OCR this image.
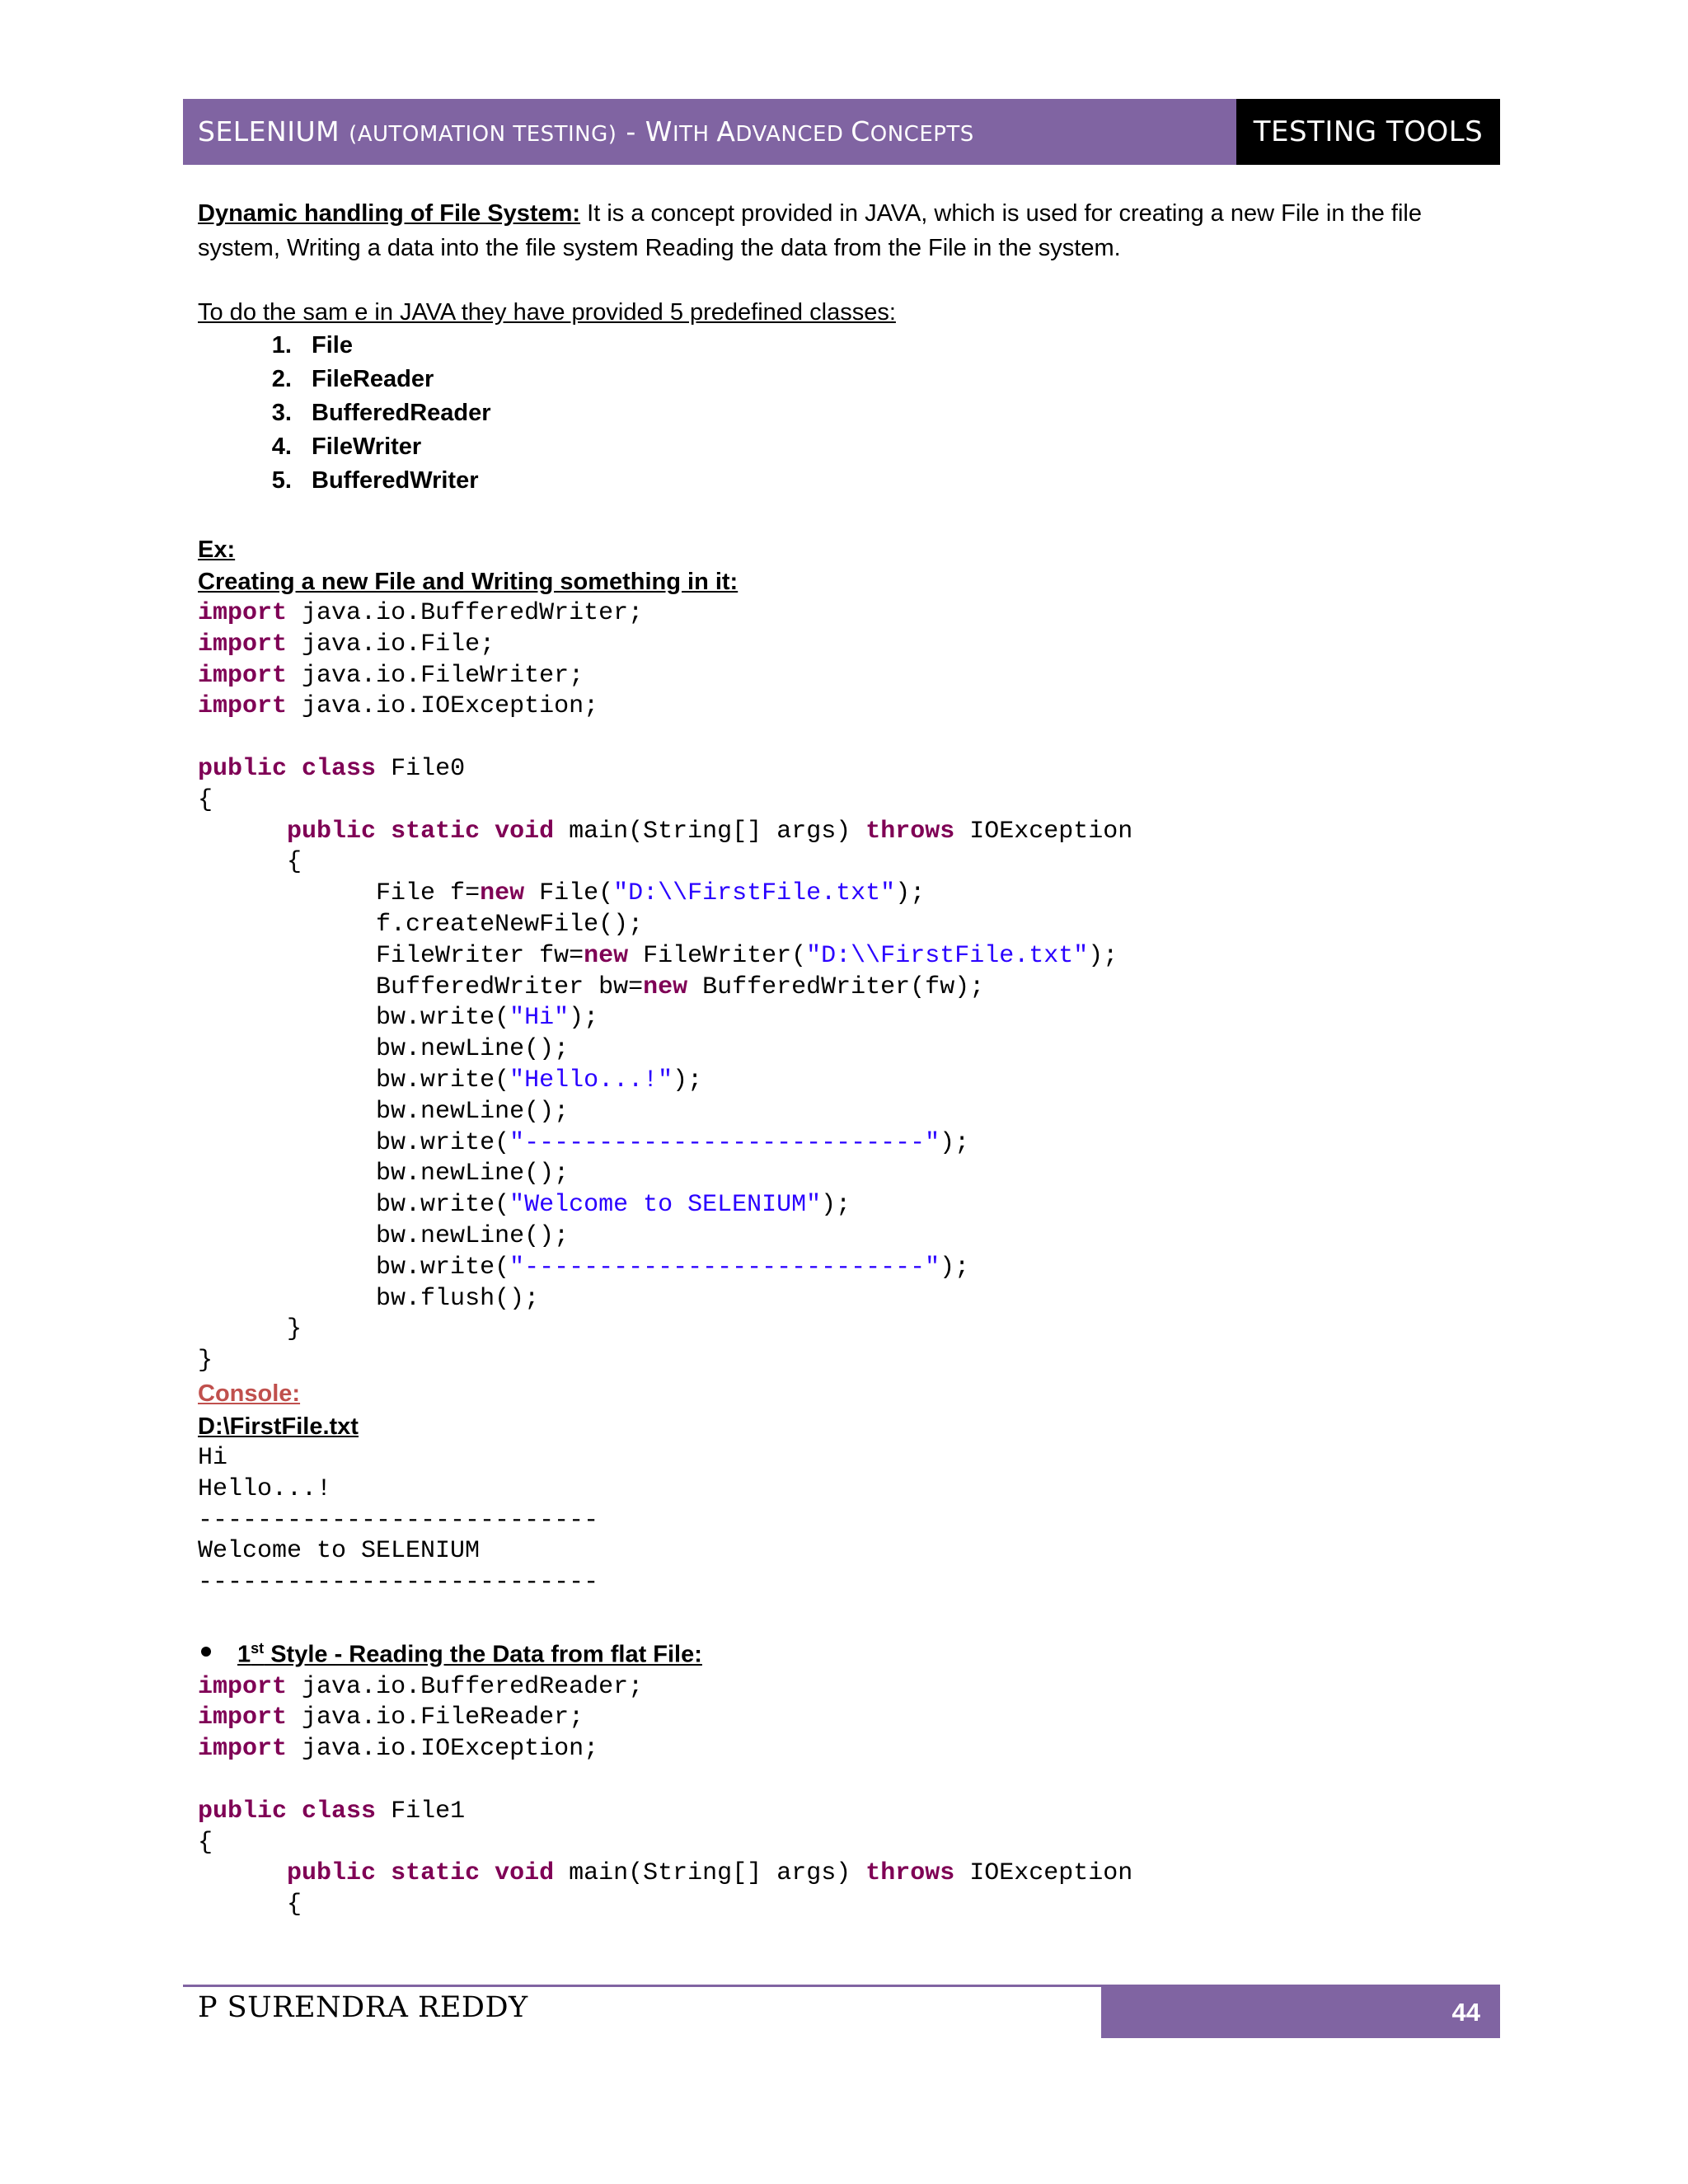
SELENIUM (AUTOMATION TESTING) - WITH ADVANCED CONCEPTS	TESTING TOOLS

Dynamic handling of File System: It is a concept provided in JAVA, which is used for creating a new File in the file system, Writing a data into the file system Reading the data from the File in the system.

To do the sam e in JAVA they have provided 5 predefined classes:
1. File
2. FileReader
3. BufferedReader
4. FileWriter
5. BufferedWriter
Ex:
Creating a new File and Writing something in it:
import java.io.BufferedWriter;
import java.io.File;
import java.io.FileWriter;
import java.io.IOException;

public class File0
{
public static void main(String[] args) throws IOException
{
File f=new File("D:\\FirstFile.txt");
f.createNewFile();
FileWriter fw=new FileWriter("D:\\FirstFile.txt");
BufferedWriter bw=new BufferedWriter(fw);
bw.write("Hi");
bw.newLine();
bw.write("Hello...!");
bw.newLine();
bw.write("---------------------------");
bw.newLine();
bw.write("Welcome to SELENIUM");
bw.newLine();
bw.write("---------------------------");
bw.flush();
}
}
Console:
D:\FirstFile.txt
Hi
Hello...!
---------------------------
Welcome to SELENIUM
---------------------------
1st Style - Reading the Data from flat File:
import java.io.BufferedReader;
import java.io.FileReader;
import java.io.IOException;

public class File1
{
public static void main(String[] args) throws IOException
{
P SURENDRA REDDY	44
